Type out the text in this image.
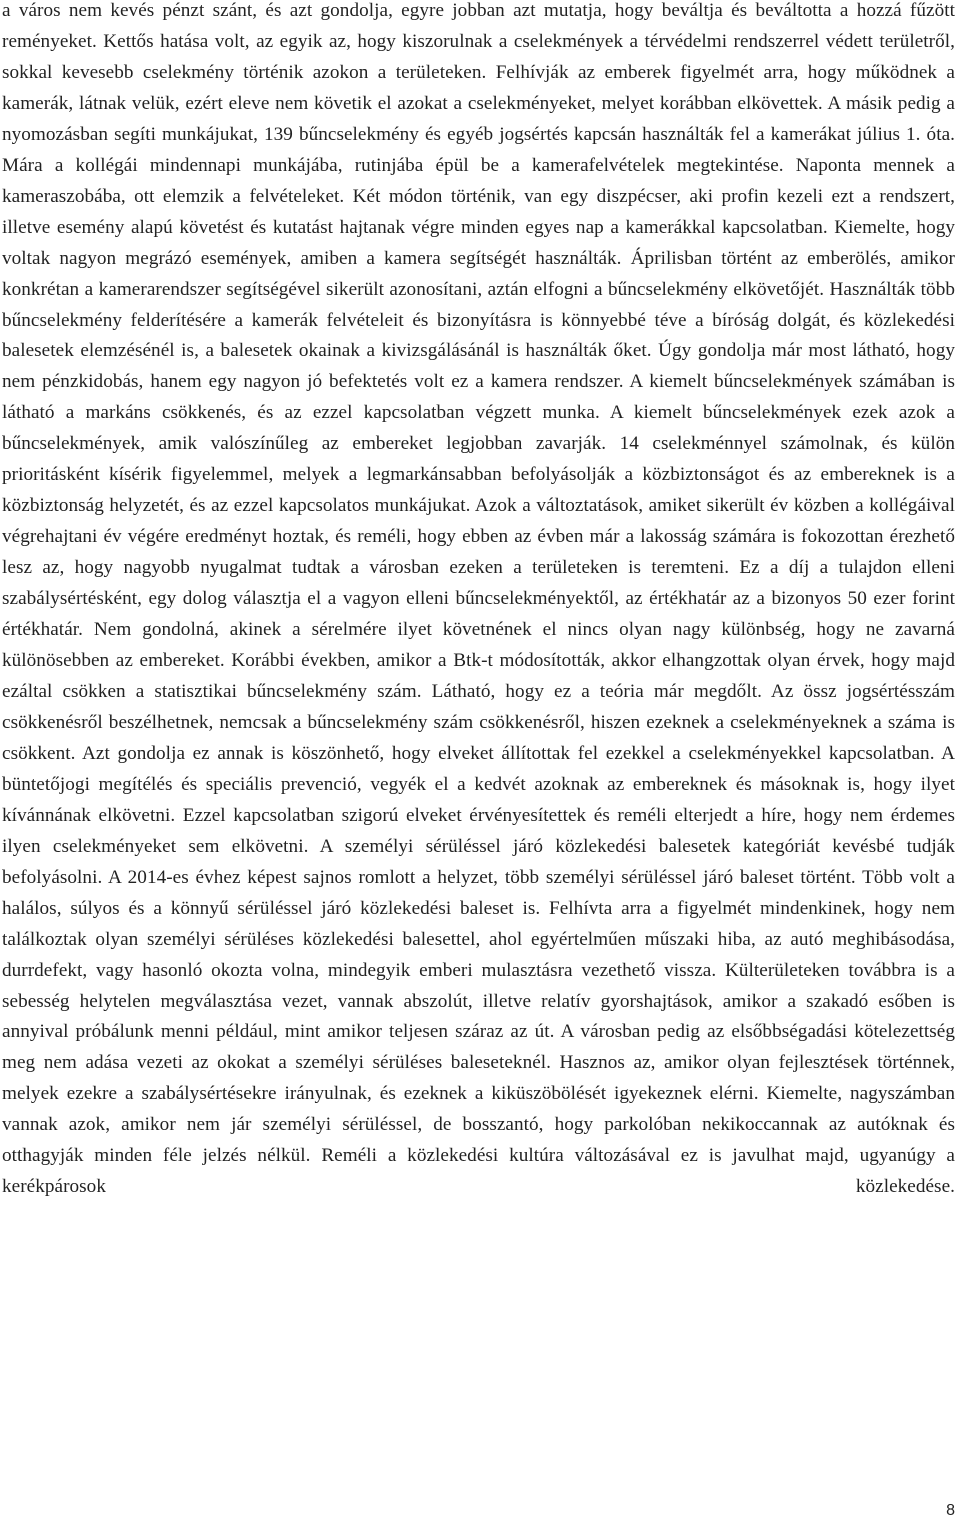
a város nem kevés pénzt szánt, és azt gondolja, egyre jobban azt mutatja, hogy beváltja és beváltotta a hozzá fűzött reményeket. Kettős hatása volt, az egyik az, hogy kiszorulnak a cselekmények a térvédelmi rendszerrel védett területről, sokkal kevesebb cselekmény történik azokon a területeken. Felhívják az emberek figyelmét arra, hogy működnek a kamerák, látnak velük, ezért eleve nem követik el azokat a cselekményeket, melyet korábban elkövettek. A másik pedig a nyomozásban segíti munkájukat, 139 bűncselekmény és egyéb jogsértés kapcsán használták fel a kamerákat július 1. óta. Mára a kollégái mindennapi munkájába, rutinjába épül be a kamerafelvételek megtekintése. Naponta mennek a kameraszobába, ott elemzik a felvételeket. Két módon történik, van egy diszpécser, aki profin kezeli ezt a rendszert, illetve esemény alapú követést és kutatást hajtanak végre minden egyes nap a kamerákkal kapcsolatban. Kiemelte, hogy voltak nagyon megrázó események, amiben a kamera segítségét használták. Áprilisban történt az emberölés, amikor konkrétan a kamerarendszer segítségével sikerült azonosítani, aztán elfogni a bűncselekmény elkövetőjét. Használták több bűncselekmény felderítésére a kamerák felvételeit és bizonyításra is könnyebbé téve a bíróság dolgát, és közlekedési balesetek elemzésénél is, a balesetek okainak a kivizsgálásánál is használták őket. Úgy gondolja már most látható, hogy nem pénzkidobás, hanem egy nagyon jó befektetés volt ez a kamera rendszer. A kiemelt bűncselekmények számában is látható a markáns csökkenés, és az ezzel kapcsolatban végzett munka. A kiemelt bűncselekmények ezek azok a bűncselekmények, amik valószínűleg az embereket legjobban zavarják. 14 cselekménnyel számolnak, és külön prioritásként kísérik figyelemmel, melyek a legmarkánsabban befolyásolják a közbiztonságot és az embereknek is a közbiztonság helyzetét, és az ezzel kapcsolatos munkájukat. Azok a változtatások, amiket sikerült év közben a kollégáival végrehajtani év végére eredményt hoztak, és reméli, hogy ebben az évben már a lakosság számára is fokozottan érezhető lesz az, hogy nagyobb nyugalmat tudtak a városban ezeken a területeken is teremteni. Ez a díj a tulajdon elleni szabálysértésként, egy dolog választja el a vagyon elleni bűncselekményektől, az értékhatár az a bizonyos 50 ezer forint értékhatár. Nem gondolná, akinek a sérelmére ilyet követnének el nincs olyan nagy különbség, hogy ne zavarná különösebben az embereket. Korábbi években, amikor a Btk-t módosították, akkor elhangzottak olyan érvek, hogy majd ezáltal csökken a statisztikai bűncselekmény szám. Látható, hogy ez a teória már megdőlt. Az össz jogsértésszám csökkenésről beszélhetnek, nemcsak a bűncselekmény szám csökkenésről, hiszen ezeknek a cselekményeknek a száma is csökkent. Azt gondolja ez annak is köszönhető, hogy elveket állítottak fel ezekkel a cselekményekkel kapcsolatban. A büntetőjogi megítélés és speciális prevenció, vegyék el a kedvét azoknak az embereknek és másoknak is, hogy ilyet kívánnának elkövetni. Ezzel kapcsolatban szigorú elveket érvényesítettek és reméli elterjedt a híre, hogy nem érdemes ilyen cselekményeket sem elkövetni. A személyi sérüléssel járó közlekedési balesetek kategóriát kevésbé tudják befolyásolni. A 2014-es évhez képest sajnos romlott a helyzet, több személyi sérüléssel járó baleset történt. Több volt a halálos, súlyos és a könnyű sérüléssel járó közlekedési baleset is. Felhívta arra a figyelmét mindenkinek, hogy nem találkoztak olyan személyi sérüléses közlekedési balesettel, ahol egyértelműen műszaki hiba, az autó meghibásodása, durrdefekt, vagy hasonló okozta volna, mindegyik emberi mulasztásra vezethető vissza. Külterületeken továbbra is a sebesség helytelen megválasztása vezet, vannak abszolút, illetve relatív gyorshajtások, amikor a szakadó esőben is annyival próbálunk menni például, mint amikor teljesen száraz az út. A városban pedig az elsőbbségadási kötelezettség meg nem adása vezeti az okokat a személyi sérüléses baleseteknél. Hasznos az, amikor olyan fejlesztések történnek, melyek ezekre a szabálysértésekre irányulnak, és ezeknek a kiküszöbölését igyekeznek elérni. Kiemelte, nagyszámban vannak azok, amikor nem jár személyi sérüléssel, de bosszantó, hogy parkolóban nekikoccannak az autóknak és otthagyják minden féle jelzés nélkül. Reméli a közlekedési kultúra változásával ez is javulhat majd, ugyanúgy a kerékpárosok közlekedése.

8
